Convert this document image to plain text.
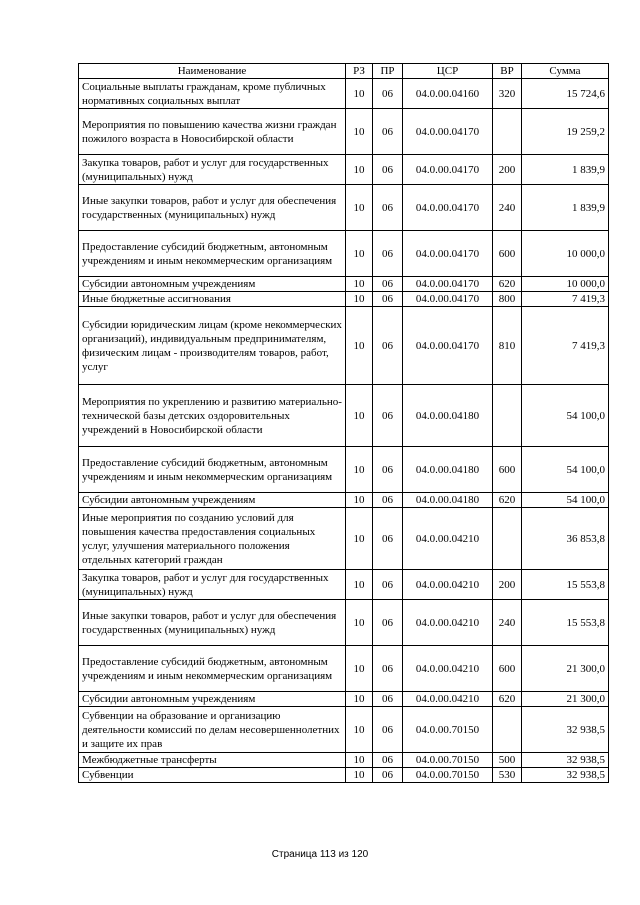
Наименование	РЗ	ПР	ЦСР	ВР	Сумма
Социальные выплаты гражданам, кроме публичных нормативных социальных выплат	10	06	04.0.00.04160	320	15 724,6
Мероприятия по повышению качества жизни граждан пожилого возраста в Новосибирской области	10	06	04.0.00.04170		19 259,2
Закупка товаров, работ и услуг для государственных (муниципальных) нужд	10	06	04.0.00.04170	200	1 839,9
Иные закупки товаров, работ и услуг для обеспечения государственных (муниципальных) нужд	10	06	04.0.00.04170	240	1 839,9
Предоставление субсидий бюджетным, автономным учреждениям и иным некоммерческим организациям	10	06	04.0.00.04170	600	10 000,0
Субсидии автономным учреждениям	10	06	04.0.00.04170	620	10 000,0
Иные бюджетные ассигнования	10	06	04.0.00.04170	800	7 419,3
Субсидии юридическим лицам (кроме некоммерческих организаций), индивидуальным предпринимателям, физическим лицам - производителям товаров, работ, услуг	10	06	04.0.00.04170	810	7 419,3
Мероприятия по укреплению и развитию материально-технической базы детских оздоровительных учреждений в Новосибирской области	10	06	04.0.00.04180		54 100,0
Предоставление субсидий бюджетным, автономным учреждениям и иным некоммерческим организациям	10	06	04.0.00.04180	600	54 100,0
Субсидии автономным учреждениям	10	06	04.0.00.04180	620	54 100,0
Иные мероприятия по созданию условий для повышения качества предоставления социальных услуг, улучшения материального положения отдельных категорий граждан	10	06	04.0.00.04210		36 853,8
Закупка товаров, работ и услуг для государственных (муниципальных) нужд	10	06	04.0.00.04210	200	15 553,8
Иные закупки товаров, работ и услуг для обеспечения государственных (муниципальных) нужд	10	06	04.0.00.04210	240	15 553,8
Предоставление субсидий бюджетным, автономным учреждениям и иным некоммерческим организациям	10	06	04.0.00.04210	600	21 300,0
Субсидии автономным учреждениям	10	06	04.0.00.04210	620	21 300,0
Субвенции на образование и организацию деятельности комиссий по делам несовершеннолетних и защите их прав	10	06	04.0.00.70150		32 938,5
Межбюджетные трансферты	10	06	04.0.00.70150	500	32 938,5
Субвенции	10	06	04.0.00.70150	530	32 938,5
Страница 113 из 120
